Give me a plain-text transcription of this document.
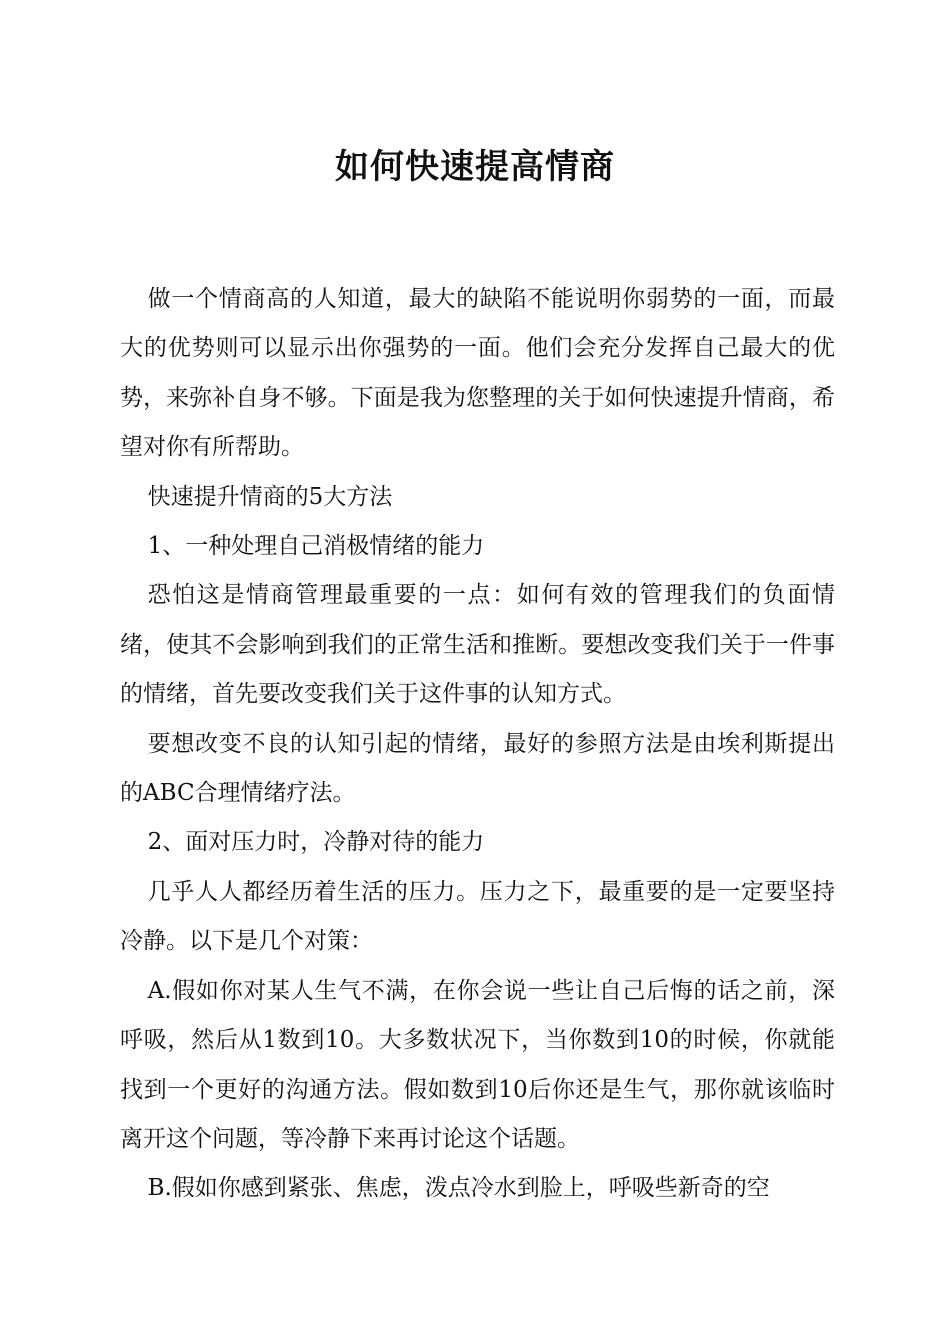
如何快速提高情商

做一个情商高的人知道，最大的缺陷不能说明你弱势的一面，而最大的优势则可以显示出你强势的一面。他们会充分发挥自己最大的优势，来弥补自身不够。下面是我为您整理的关于如何快速提升情商，希望对你有所帮助。

快速提升情商的5大方法

1、一种处理自己消极情绪的能力

恐怕这是情商管理最重要的一点：如何有效的管理我们的负面情绪，使其不会影响到我们的正常生活和推断。要想改变我们关于一件事的情绪，首先要改变我们关于这件事的认知方式。

要想改变不良的认知引起的情绪，最好的参照方法是由埃利斯提出的ABC合理情绪疗法。

2、面对压力时，冷静对待的能力

几乎人人都经历着生活的压力。压力之下，最重要的是一定要坚持冷静。以下是几个对策：

A.假如你对某人生气不满，在你会说一些让自己后悔的话之前，深呼吸，然后从1数到10。大多数状况下，当你数到10的时候，你就能找到一个更好的沟通方法。假如数到10后你还是生气，那你就该临时离开这个问题，等冷静下来再讨论这个话题。

B.假如你感到紧张、焦虑，泼点冷水到脸上，呼吸些新奇的空
